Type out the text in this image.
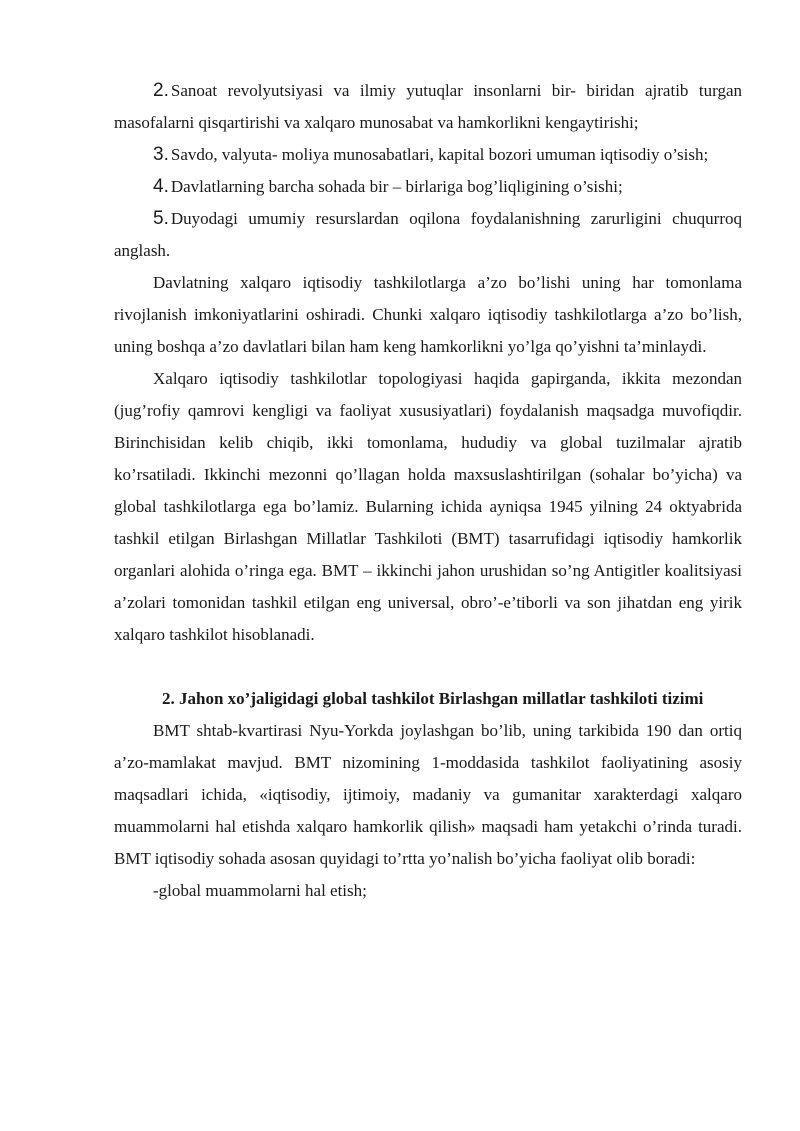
2. Sanoat revolyutsiyasi va ilmiy yutuqlar insonlarni bir- biridan ajratib turgan masofalarni qisqartirishi va xalqaro munosabat va hamkorlikni kengaytirishi;

3. Savdo, valyuta- moliya munosabatlari, kapital bozori umuman iqtisodiy o’sish;

4. Davlatlarning barcha sohada bir – birlariga bog’liqligining o’sishi;

5. Duyodagi umumiy resurslardan oqilona foydalanishning zarurligini chuqurroq anglash.

Davlatning xalqaro iqtisodiy tashkilotlarga a’zo bo’lishi uning har tomonlama rivojlanish imkoniyatlarini oshiradi. Chunki xalqaro iqtisodiy tashkilotlarga a’zo bo’lish, uning boshqa a’zo davlatlari bilan ham keng hamkorlikni yo’lga qo’yishni ta’minlaydi.

Xalqaro iqtisodiy tashkilotlar topologiyasi haqida gapirganda, ikkita mezondan (jug’rofiy qamrovi kengligi va faoliyat xususiyatlari) foydalanish maqsadga muvofiqdir. Birinchisidan kelib chiqib, ikki tomonlama, hududiy va global tuzilmalar ajratib ko’rsatiladi. Ikkinchi mezonni qo’llagan holda maxsuslashtirilgan (sohalar bo’yicha) va global tashkilotlarga ega bo’lamiz. Bularning ichida ayniqsa 1945 yilning 24 oktyabrida tashkil etilgan Birlashgan Millatlar Tashkiloti (BMT) tasarrufidagi iqtisodiy hamkorlik organlari alohida o’ringa ega. BMT – ikkinchi jahon urushidan so’ng Antigitler koalitsiyasi a’zolari tomonidan tashkil etilgan eng universal, obro’-e’tiborli va son jihatdan eng yirik xalqaro tashkilot hisoblanadi.

2. Jahon xo’jaligidagi global tashkilot Birlashgan millatlar tashkiloti tizimi

BMT shtab-kvartirasi Nyu-Yorkda joylashgan bo’lib, uning tarkibida 190 dan ortiq a’zo-mamlakat mavjud. BMT nizomining 1-moddasida tashkilot faoliyatining asosiy maqsadlari ichida, «iqtisodiy, ijtimoiy, madaniy va gumanitar xarakterdagi xalqaro muammolarni hal etishda xalqaro hamkorlik qilish» maqsadi ham yetakchi o’rinda turadi. BMT iqtisodiy sohada asosan quyidagi to’rtta yo’nalish bo’yicha faoliyat olib boradi:

-global muammolarni hal etish;
